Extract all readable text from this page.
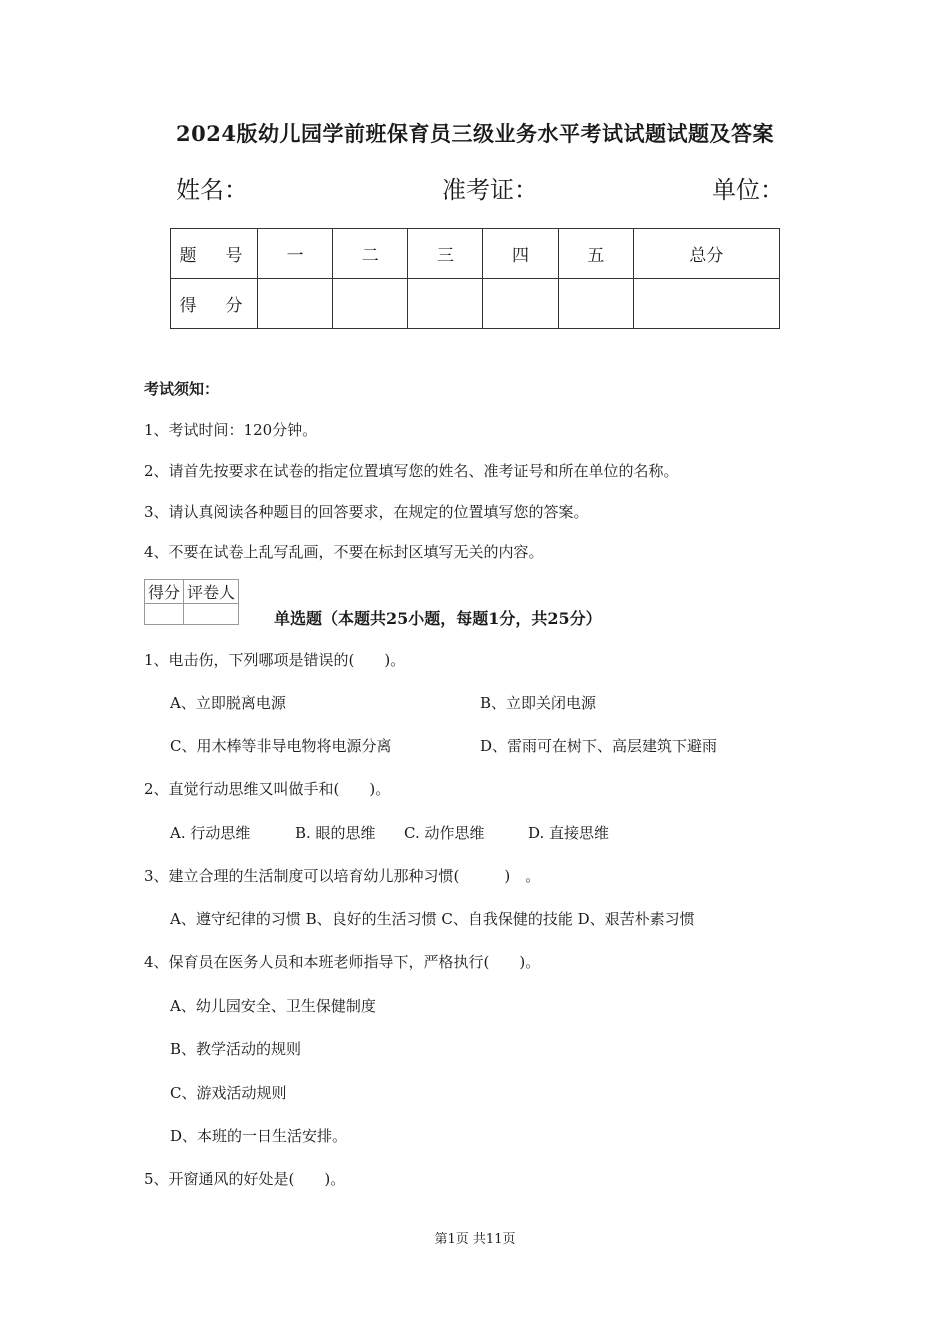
2024版幼儿园学前班保育员三级业务水平考试试题试题及答案
姓名：	准考证：	单位：
题　号	一	二	三	四	五	总分
得　分						
考试须知：
1、考试时间：120分钟。
2、请首先按要求在试卷的指定位置填写您的姓名、准考证号和所在单位的名称。
3、请认真阅读各种题目的回答要求，在规定的位置填写您的答案。
4、不要在试卷上乱写乱画，不要在标封区填写无关的内容。
得分	评卷人

单选题（本题共25小题，每题1分，共25分）
1、电击伤，下列哪项是错误的(　　)。
A、立即脱离电源	B、立即关闭电源
C、用木棒等非导电物将电源分离	D、雷雨可在树下、高层建筑下避雨
2、直觉行动思维又叫做手和(　　)。
A. 行动思维	B. 眼的思维 C. 动作思维	D. 直接思维
3、建立合理的生活制度可以培育幼儿那种习惯(　　　)　。
A、遵守纪律的习惯 B、良好的生活习惯 C、自我保健的技能 D、艰苦朴素习惯
4、保育员在医务人员和本班老师指导下，严格执行(　　)。
A、幼儿园安全、卫生保健制度
B、教学活动的规则
C、游戏活动规则
D、本班的一日生活安排。
5、开窗通风的好处是(　　)。
第1页 共11页
